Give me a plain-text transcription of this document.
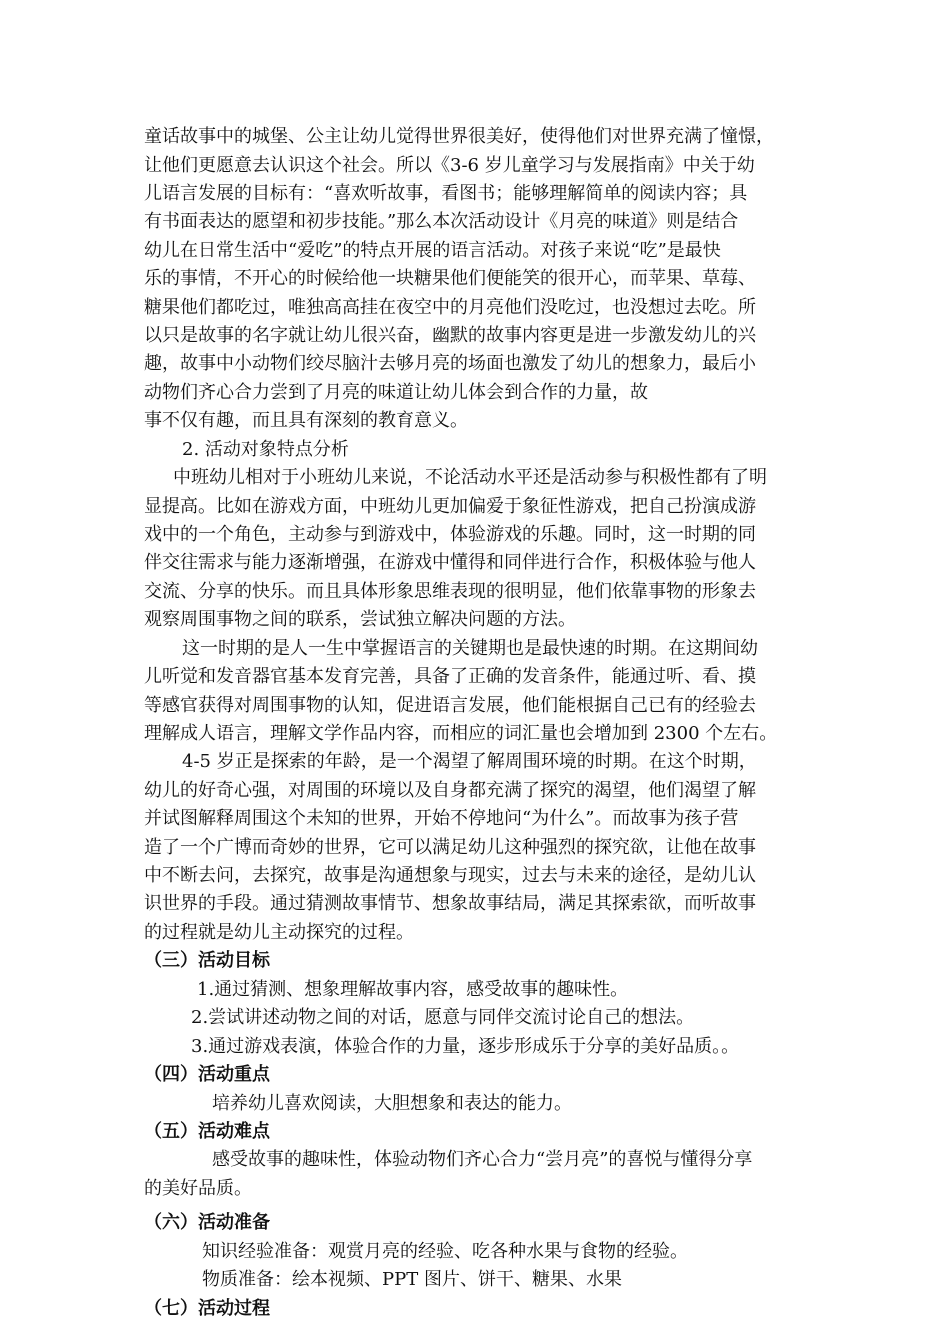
童话故事中的城堡、公主让幼儿觉得世界很美好，使得他们对世界充满了憧憬，
让他们更愿意去认识这个社会。所以《3-6 岁儿童学习与发展指南》中关于幼
儿语言发展的目标有：“喜欢听故事，看图书；能够理解简单的阅读内容；具
有书面表达的愿望和初步技能。”那么本次活动设计《月亮的味道》则是结合
幼儿在日常生活中“爱吃”的特点开展的语言活动。对孩子来说“吃”是最快
乐的事情，不开心的时候给他一块糖果他们便能笑的很开心，而苹果、草莓、
糖果他们都吃过，唯独高高挂在夜空中的月亮他们没吃过，也没想过去吃。所
以只是故事的名字就让幼儿很兴奋，幽默的故事内容更是进一步激发幼儿的兴
趣，故事中小动物们绞尽脑汁去够月亮的场面也激发了幼儿的想象力，最后小
动物们齐心合力尝到了月亮的味道让幼儿体会到合作的力量，故
事不仅有趣，而且具有深刻的教育意义。
2. 活动对象特点分析
中班幼儿相对于小班幼儿来说，不论活动水平还是活动参与积极性都有了明
显提高。比如在游戏方面，中班幼儿更加偏爱于象征性游戏，把自己扮演成游
戏中的一个角色，主动参与到游戏中，体验游戏的乐趣。同时，这一时期的同
伴交往需求与能力逐渐增强，在游戏中懂得和同伴进行合作，积极体验与他人
交流、分享的快乐。而且具体形象思维表现的很明显，他们依靠事物的形象去
观察周围事物之间的联系，尝试独立解决问题的方法。
这一时期的是人一生中掌握语言的关键期也是最快速的时期。在这期间幼
儿听觉和发音器官基本发育完善，具备了正确的发音条件，能通过听、看、摸
等感官获得对周围事物的认知，促进语言发展，他们能根据自己已有的经验去
理解成人语言，理解文学作品内容，而相应的词汇量也会增加到 2300 个左右。
4-5 岁正是探索的年龄，是一个渴望了解周围环境的时期。在这个时期，
幼儿的好奇心强，对周围的环境以及自身都充满了探究的渴望，他们渴望了解
并试图解释周围这个未知的世界，开始不停地问“为什么”。而故事为孩子营
造了一个广博而奇妙的世界，它可以满足幼儿这种强烈的探究欲，让他在故事
中不断去问，去探究，故事是沟通想象与现实，过去与未来的途径，是幼儿认
识世界的手段。通过猜测故事情节、想象故事结局，满足其探索欲，而听故事
的过程就是幼儿主动探究的过程。
（三）活动目标
1.通过猜测、想象理解故事内容，感受故事的趣味性。
2.尝试讲述动物之间的对话，愿意与同伴交流讨论自己的想法。
3.通过游戏表演，体验合作的力量，逐步形成乐于分享的美好品质。。
（四）活动重点
培养幼儿喜欢阅读，大胆想象和表达的能力。
（五）活动难点
感受故事的趣味性，体验动物们齐心合力“尝月亮”的喜悦与懂得分享
的美好品质。
（六）活动准备
知识经验准备：观赏月亮的经验、吃各种水果与食物的经验。
物质准备：绘本视频、PPT 图片、饼干、糖果、水果
（七）活动过程
